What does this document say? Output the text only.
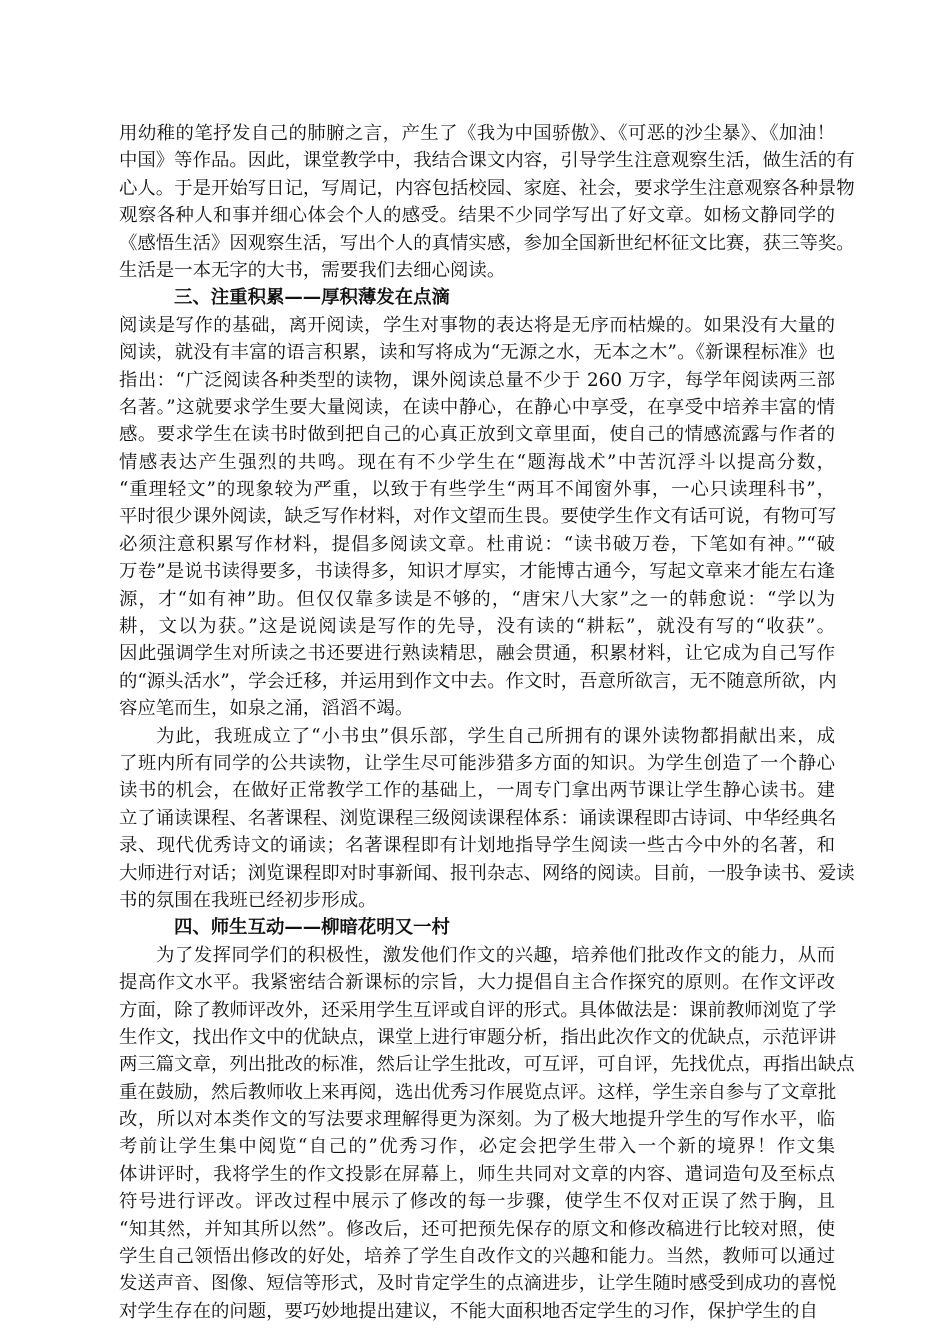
用幼稚的笔抒发自己的肺腑之言，产生了《我为中国骄傲》、《可恶的沙尘暴》、《加油！
中国》等作品。因此，课堂教学中，我结合课文内容，引导学生注意观察生活，做生活的有
心人。于是开始写日记，写周记，内容包括校园、家庭、社会，要求学生注意观察各种景物
观察各种人和事并细心体会个人的感受。结果不少同学写出了好文章。如杨文静同学的
《感悟生活》因观察生活，写出个人的真情实感，参加全国新世纪杯征文比赛，获三等奖。
生活是一本无字的大书，需要我们去细心阅读。
三、注重积累——厚积薄发在点滴
阅读是写作的基础，离开阅读，学生对事物的表达将是无序而枯燥的。如果没有大量的
阅读，就没有丰富的语言积累，读和写将成为“无源之水，无本之木”。《新课程标准》也
指出：“广泛阅读各种类型的读物，课外阅读总量不少于 260 万字，每学年阅读两三部
名著。”这就要求学生要大量阅读，在读中静心，在静心中享受，在享受中培养丰富的情
感。要求学生在读书时做到把自己的心真正放到文章里面，使自己的情感流露与作者的
情感表达产生强烈的共鸣。现在有不少学生在“题海战术”中苦沉浮斗以提高分数，
“重理轻文”的现象较为严重，以致于有些学生“两耳不闻窗外事，一心只读理科书”，
平时很少课外阅读，缺乏写作材料，对作文望而生畏。要使学生作文有话可说，有物可写
必须注意积累写作材料，提倡多阅读文章。杜甫说：“读书破万卷，下笔如有神。”“破
万卷”是说书读得要多，书读得多，知识才厚实，才能博古通今，写起文章来才能左右逢
源，才“如有神”助。但仅仅靠多读是不够的，“唐宋八大家”之一的韩愈说：“学以为
耕，文以为获。”这是说阅读是写作的先导，没有读的“耕耘”，就没有写的“收获”。
因此强调学生对所读之书还要进行熟读精思，融会贯通，积累材料，让它成为自己写作
的“源头活水”，学会迁移，并运用到作文中去。作文时，吾意所欲言，无不随意所欲，内
容应笔而生，如泉之涌，滔滔不竭。
为此，我班成立了“小书虫”俱乐部，学生自己所拥有的课外读物都捐献出来，成
了班内所有同学的公共读物，让学生尽可能涉猎多方面的知识。为学生创造了一个静心
读书的机会，在做好正常教学工作的基础上，一周专门拿出两节课让学生静心读书。建
立了诵读课程、名著课程、浏览课程三级阅读课程体系：诵读课程即古诗词、中华经典名
录、现代优秀诗文的诵读；名著课程即有计划地指导学生阅读一些古今中外的名著，和
大师进行对话；浏览课程即对时事新闻、报刊杂志、网络的阅读。目前，一股争读书、爱读
书的氛围在我班已经初步形成。
四、师生互动——柳暗花明又一村
为了发挥同学们的积极性，激发他们作文的兴趣，培养他们批改作文的能力，从而
提高作文水平。我紧密结合新课标的宗旨，大力提倡自主合作探究的原则。在作文评改
方面，除了教师评改外，还采用学生互评或自评的形式。具体做法是：课前教师浏览了学
生作文，找出作文中的优缺点，课堂上进行审题分析，指出此次作文的优缺点，示范评讲
两三篇文章，列出批改的标准，然后让学生批改，可互评，可自评，先找优点，再指出缺点
重在鼓励，然后教师收上来再阅，选出优秀习作展览点评。这样，学生亲自参与了文章批
改，所以对本类作文的写法要求理解得更为深刻。为了极大地提升学生的写作水平，临
考前让学生集中阅览“自己的”优秀习作，必定会把学生带入一个新的境界！作文集
体讲评时，我将学生的作文投影在屏幕上，师生共同对文章的内容、遣词造句及至标点
符号进行评改。评改过程中展示了修改的每一步骤，使学生不仅对正误了然于胸，且
“知其然，并知其所以然”。修改后，还可把预先保存的原文和修改稿进行比较对照，使
学生自己领悟出修改的好处，培养了学生自改作文的兴趣和能力。当然，教师可以通过
发送声音、图像、短信等形式，及时肯定学生的点滴进步，让学生随时感受到成功的喜悦
对学生存在的问题，要巧妙地提出建议，不能大面积地否定学生的习作，保护学生的自
